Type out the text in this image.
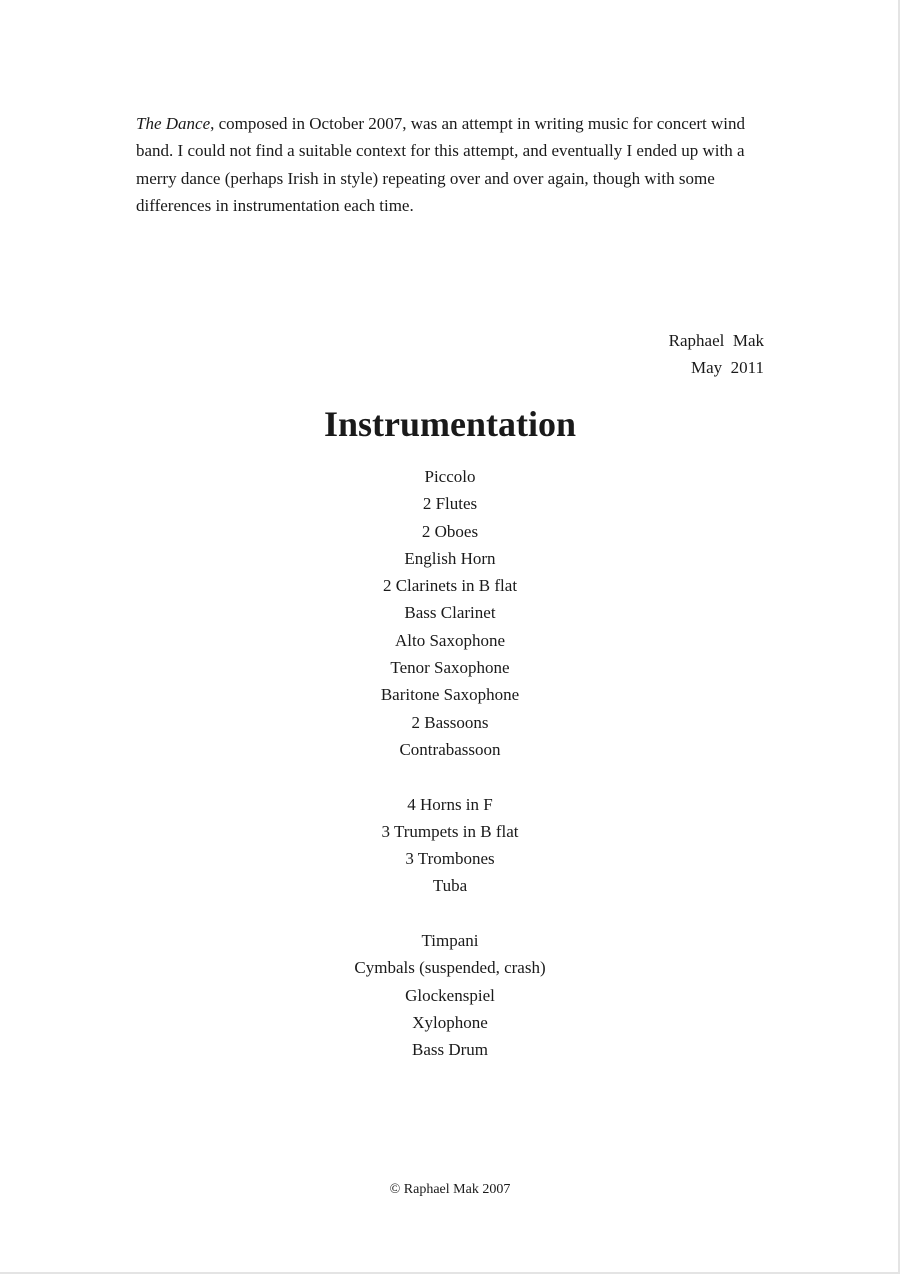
The Dance, composed in October 2007, was an attempt in writing music for concert wind band. I could not find a suitable context for this attempt, and eventually I ended up with a merry dance (perhaps Irish in style) repeating over and over again, though with some differences in instrumentation each time.

Raphael  Mak
May  2011
Instrumentation
Piccolo
2 Flutes
2 Oboes
English Horn
2 Clarinets in B flat
Bass Clarinet
Alto Saxophone
Tenor Saxophone
Baritone Saxophone
2 Bassoons
Contrabassoon
4 Horns in F
3 Trumpets in B flat
3 Trombones
Tuba
Timpani
Cymbals (suspended, crash)
Glockenspiel
Xylophone
Bass Drum
© Raphael Mak 2007
